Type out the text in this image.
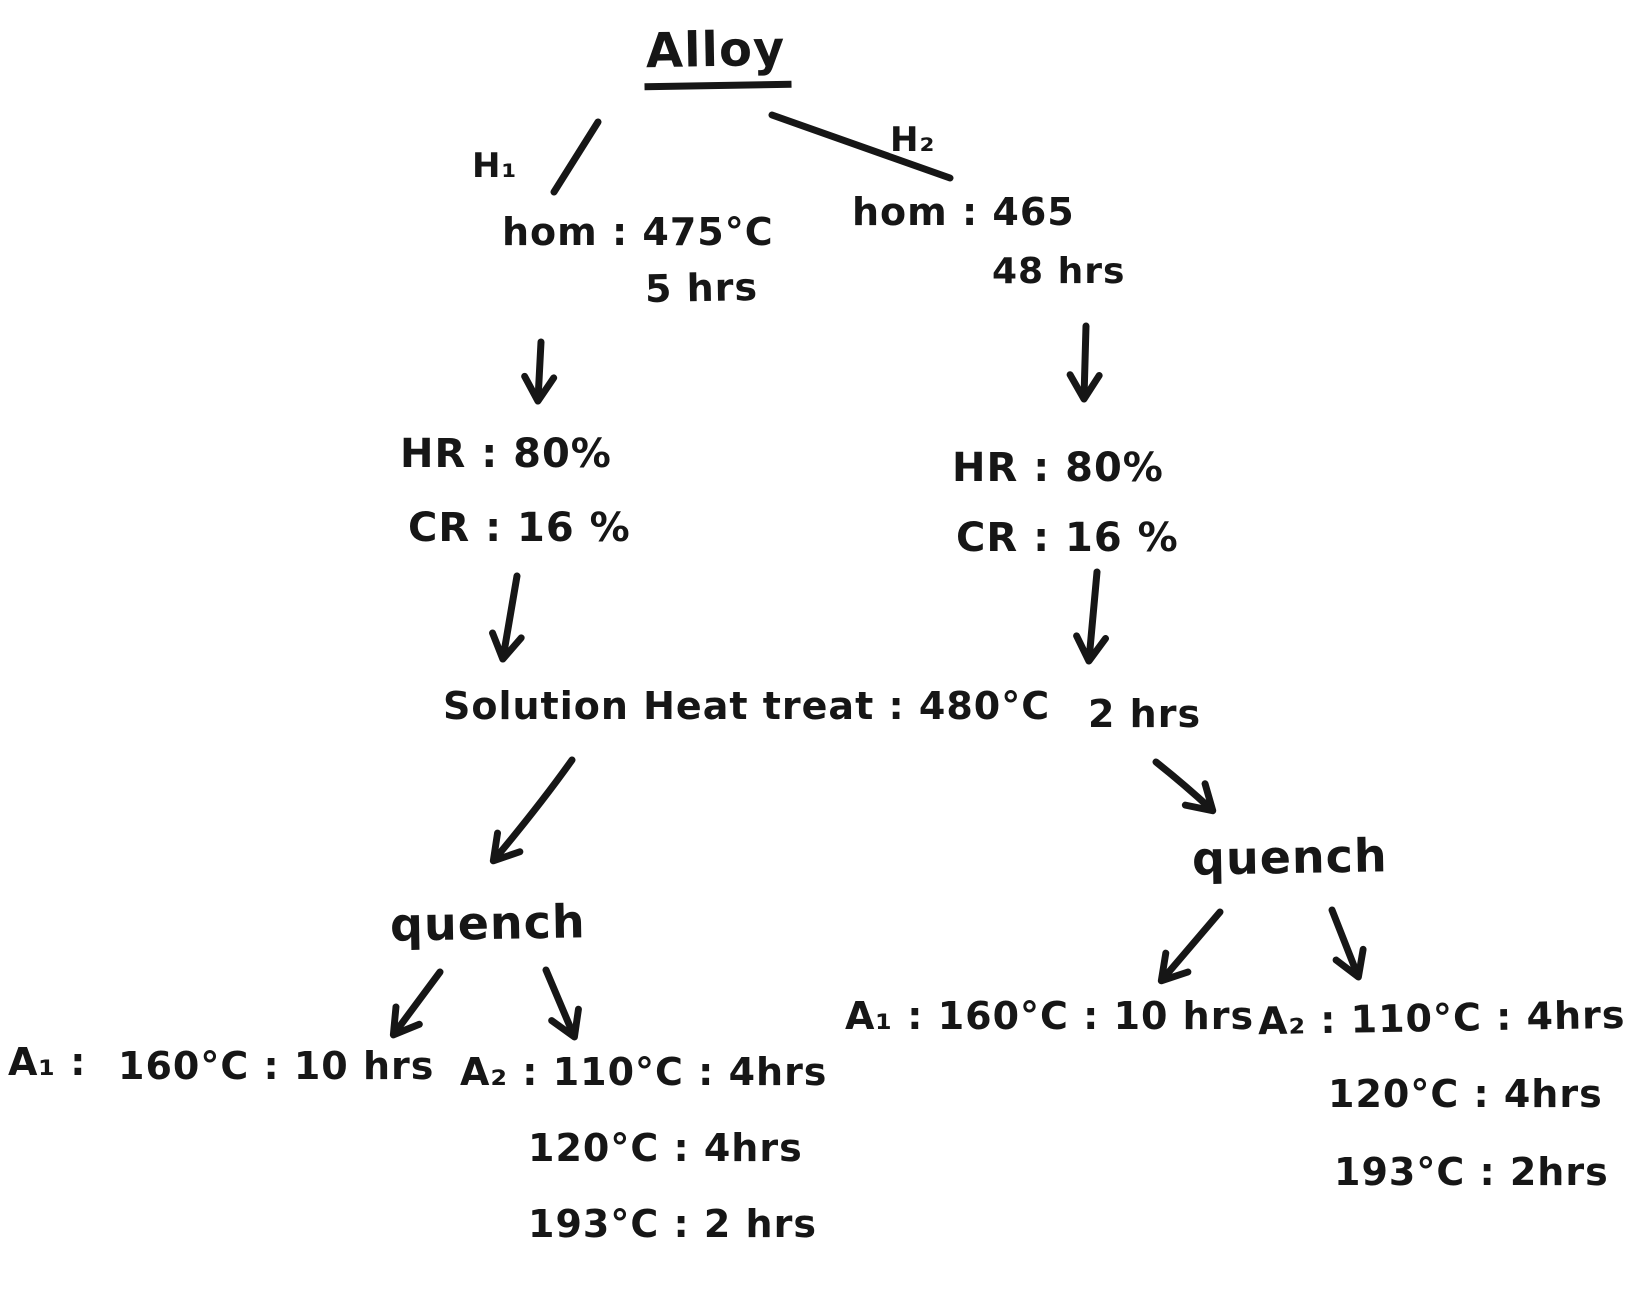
Alloy
H₁
hom : 475°C
5 hrs
H₂
hom : 465
48 hrs
HR : 80%
CR : 16 %
HR : 80%
CR : 16 %
Solution Heat treat : 480°C 2 hrs
quench
quench
A₁ : 160°C : 10 hrs A₂ : 110°C : 4hrs
120°C : 4hrs
193°C : 2 hrs
A₁ : 160°C : 10 hrs A₂ : 110°C : 4hrs
120°C : 4hrs
193°C : 2hrs
